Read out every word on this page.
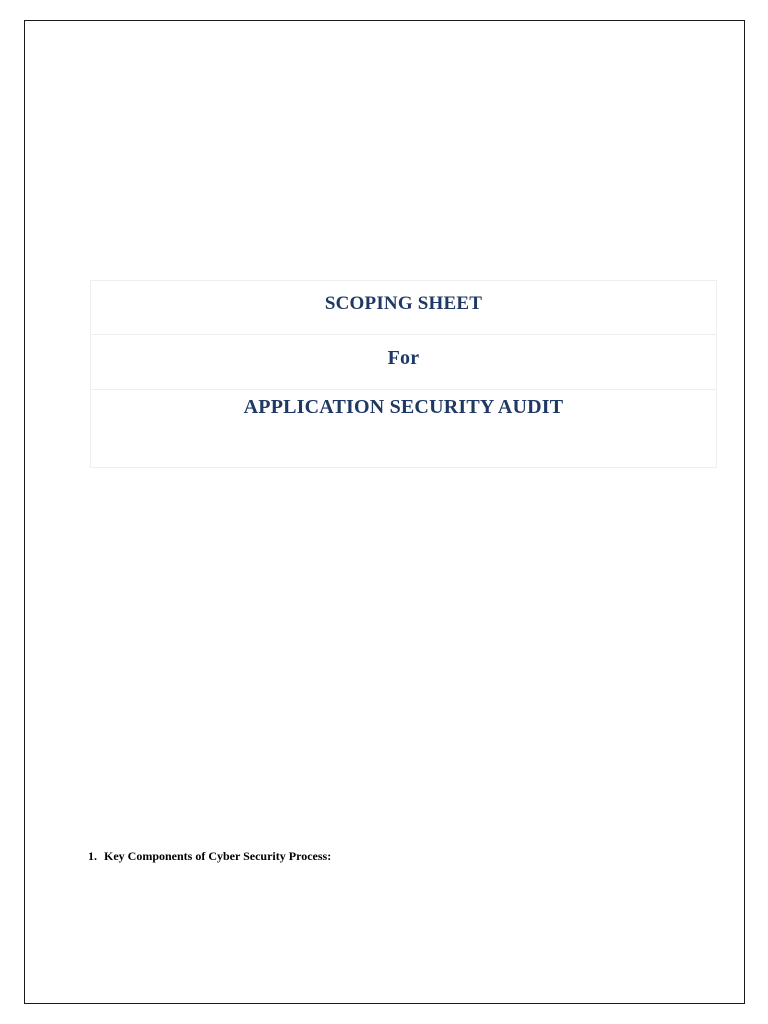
SCOPING SHEET
For
APPLICATION SECURITY AUDIT
1. Key Components of Cyber Security Process:
